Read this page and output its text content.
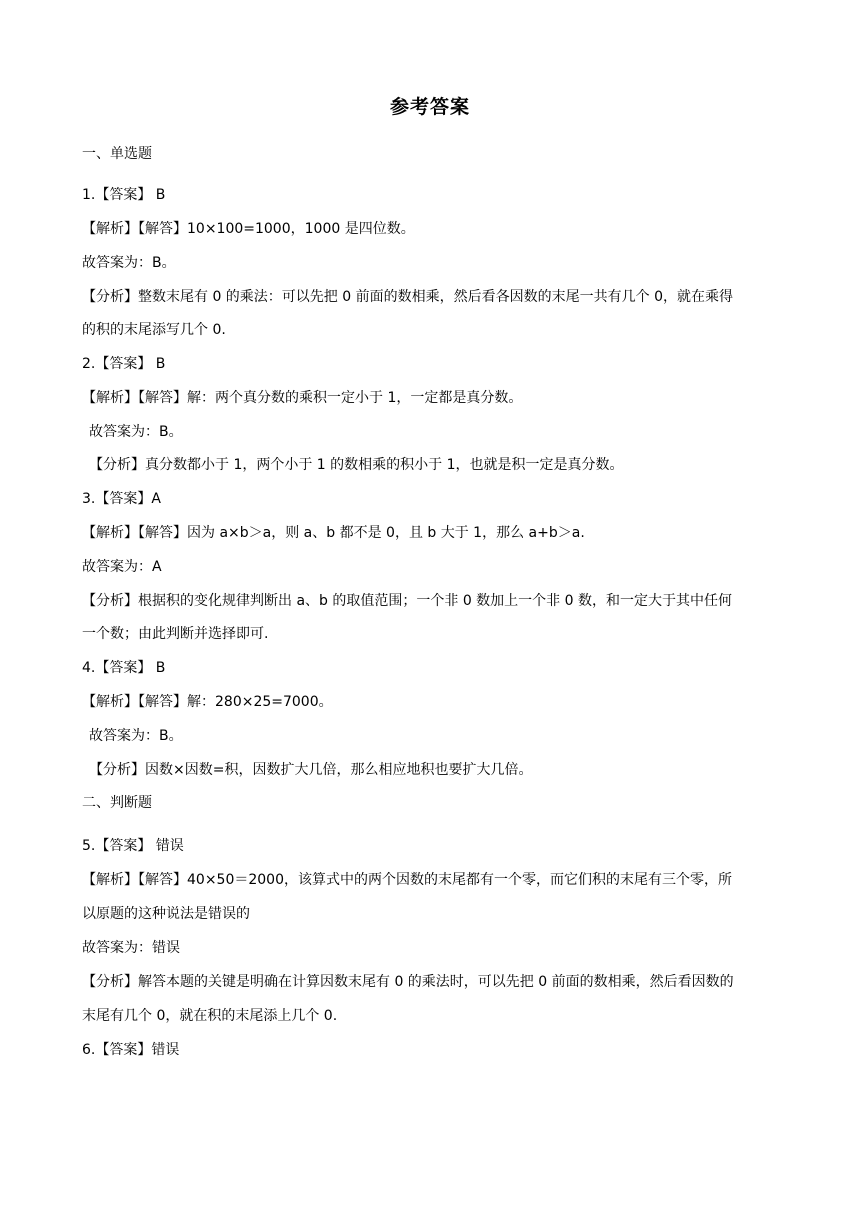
参考答案
一、单选题
1.【答案】 B
【解析】【解答】10×100=1000，1000 是四位数。
故答案为：B。
【分析】整数末尾有 0 的乘法：可以先把 0 前面的数相乘，然后看各因数的末尾一共有几个 0，就在乘得
的积的末尾添写几个 0.
2.【答案】 B
【解析】【解答】解：两个真分数的乘积一定小于 1，一定都是真分数。
故答案为：B。
【分析】真分数都小于 1，两个小于 1 的数相乘的积小于 1，也就是积一定是真分数。
3.【答案】A
【解析】【解答】因为 a×b＞a，则 a、b 都不是 0，且 b 大于 1，那么 a+b＞a.
故答案为：A
【分析】根据积的变化规律判断出 a、b 的取值范围；一个非 0 数加上一个非 0 数，和一定大于其中任何
一个数；由此判断并选择即可.
4.【答案】 B
【解析】【解答】解：280×25=7000。
故答案为：B。
【分析】因数×因数=积，因数扩大几倍，那么相应地积也要扩大几倍。
二、判断题
5.【答案】 错误
【解析】【解答】40×50＝2000，该算式中的两个因数的末尾都有一个零，而它们积的末尾有三个零，所
以原题的这种说法是错误的
故答案为：错误
【分析】解答本题的关键是明确在计算因数末尾有 0 的乘法时，可以先把 0 前面的数相乘，然后看因数的
末尾有几个 0，就在积的末尾添上几个 0.
6.【答案】错误
